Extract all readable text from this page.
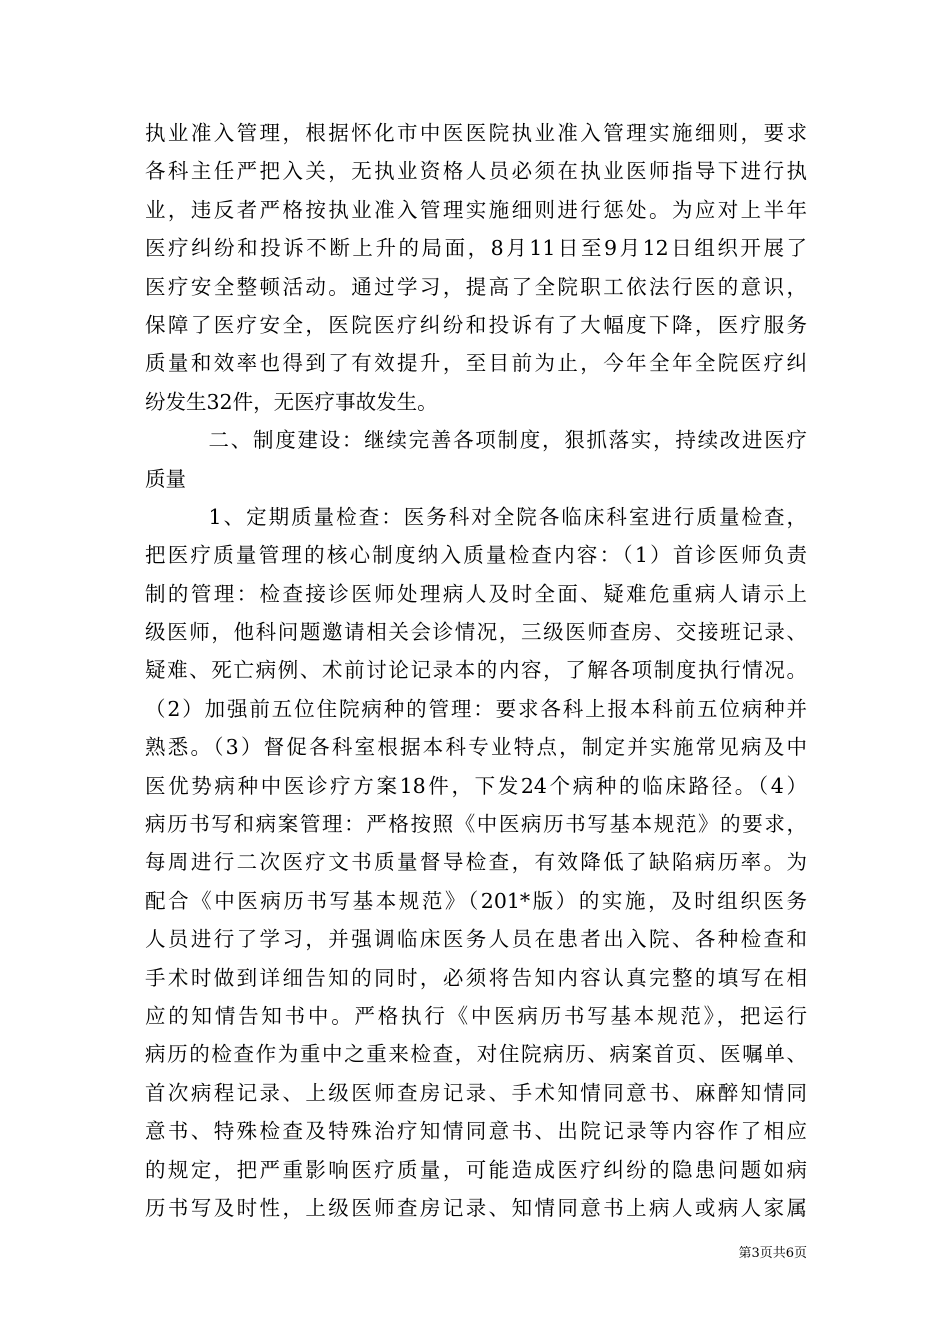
执业准入管理，根据怀化市中医医院执业准入管理实施细则，要求
各科主任严把入关，无执业资格人员必须在执业医师指导下进行执
业，违反者严格按执业准入管理实施细则进行惩处。为应对上半年
医疗纠纷和投诉不断上升的局面，8月11日至9月12日组织开展了
医疗安全整顿活动。通过学习，提高了全院职工依法行医的意识，
保障了医疗安全，医院医疗纠纷和投诉有了大幅度下降，医疗服务
质量和效率也得到了有效提升，至目前为止，今年全年全院医疗纠
纷发生32件，无医疗事故发生。
二、制度建设：继续完善各项制度，狠抓落实，持续改进医疗
质量
1、定期质量检查：医务科对全院各临床科室进行质量检查，
把医疗质量管理的核心制度纳入质量检查内容：（1）首诊医师负责
制的管理：检查接诊医师处理病人及时全面、疑难危重病人请示上
级医师，他科问题邀请相关会诊情况，三级医师查房、交接班记录、
疑难、死亡病例、术前讨论记录本的内容，了解各项制度执行情况。
（2）加强前五位住院病种的管理：要求各科上报本科前五位病种并
熟悉。（3）督促各科室根据本科专业特点，制定并实施常见病及中
医优势病种中医诊疗方案18件，下发24个病种的临床路径。（4）
病历书写和病案管理：严格按照《中医病历书写基本规范》的要求，
每周进行二次医疗文书质量督导检查，有效降低了缺陷病历率。为
配合《中医病历书写基本规范》（201*版）的实施，及时组织医务
人员进行了学习，并强调临床医务人员在患者出入院、各种检查和
手术时做到详细告知的同时，必须将告知内容认真完整的填写在相
应的知情告知书中。严格执行《中医病历书写基本规范》，把运行
病历的检查作为重中之重来检查，对住院病历、病案首页、医嘱单、
首次病程记录、上级医师查房记录、手术知情同意书、麻醉知情同
意书、特殊检查及特殊治疗知情同意书、出院记录等内容作了相应
的规定，把严重影响医疗质量，可能造成医疗纠纷的隐患问题如病
历书写及时性，上级医师查房记录、知情同意书上病人或病人家属
第3页共6页
